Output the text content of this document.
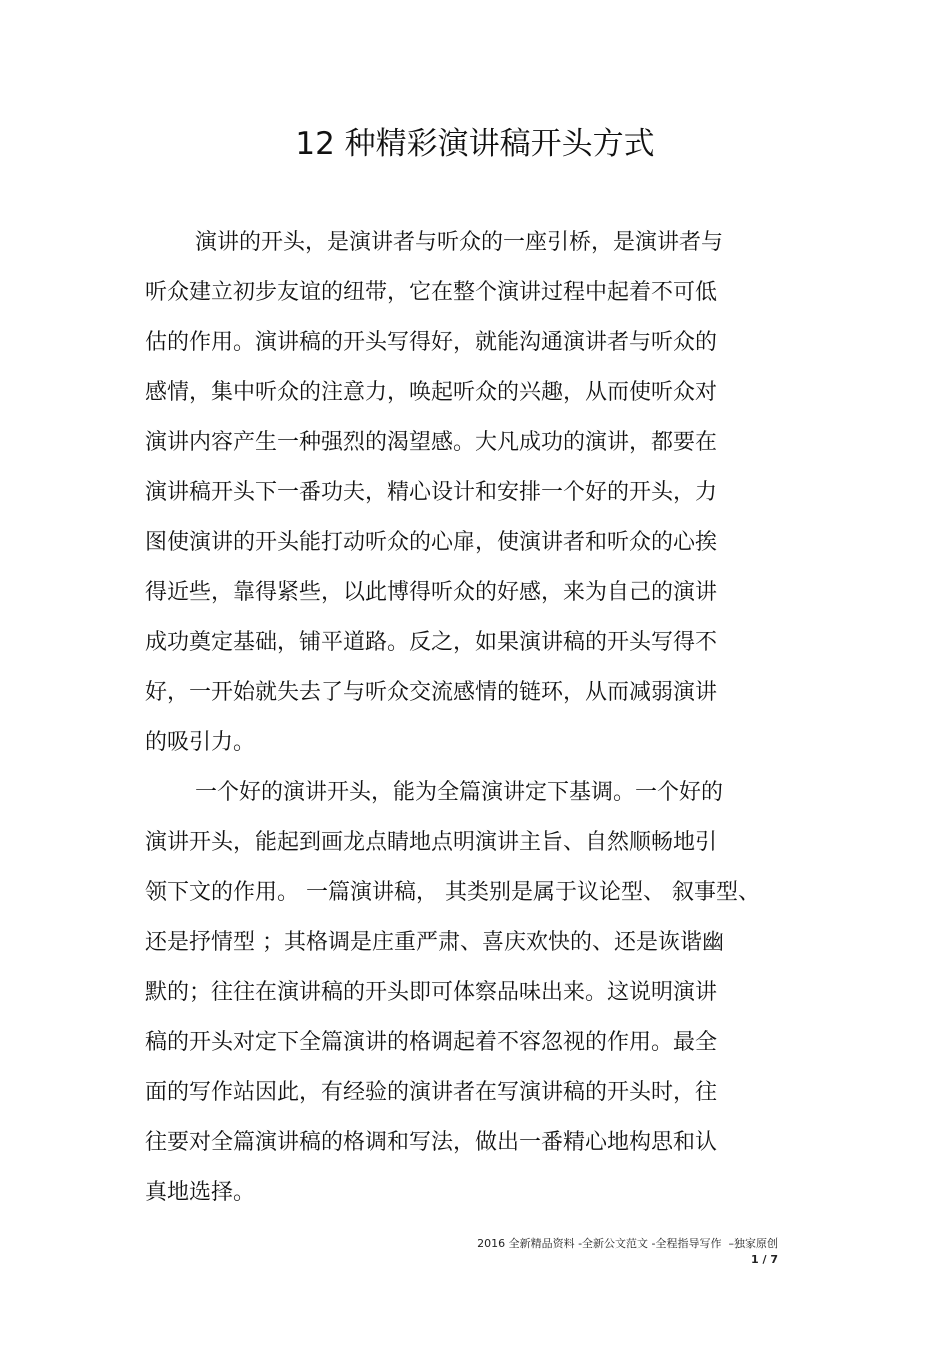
12 种精彩演讲稿开头方式
演讲的开头，是演讲者与听众的一座引桥，是演讲者与
听众建立初步友谊的纽带，它在整个演讲过程中起着不可低
估的作用。演讲稿的开头写得好，就能沟通演讲者与听众的
感情，集中听众的注意力，唤起听众的兴趣，从而使听众对
演讲内容产生一种强烈的渴望感。大凡成功的演讲，都要在
演讲稿开头下一番功夫，精心设计和安排一个好的开头，力
图使演讲的开头能打动听众的心扉，使演讲者和听众的心挨
得近些，靠得紧些，以此博得听众的好感，来为自己的演讲
成功奠定基础，铺平道路。反之，如果演讲稿的开头写得不
好，一开始就失去了与听众交流感情的链环，从而减弱演讲
的吸引力。
一个好的演讲开头，能为全篇演讲定下基调。一个好的
演讲开头，能起到画龙点睛地点明演讲主旨、自然顺畅地引
领下文的作用。 一篇演讲稿， 其类别是属于议论型、 叙事型、
还是抒情型 ；其格调是庄重严肃、喜庆欢快的、还是诙谐幽
默的；往往在演讲稿的开头即可体察品味出来。这说明演讲
稿的开头对定下全篇演讲的格调起着不容忽视的作用。最全
面的写作站因此，有经验的演讲者在写演讲稿的开头时，往
往要对全篇演讲稿的格调和写法，做出一番精心地构思和认
真地选择。
2016 全新精品资料 -全新公文范文 -全程指导写作  –独家原创
1 / 7
